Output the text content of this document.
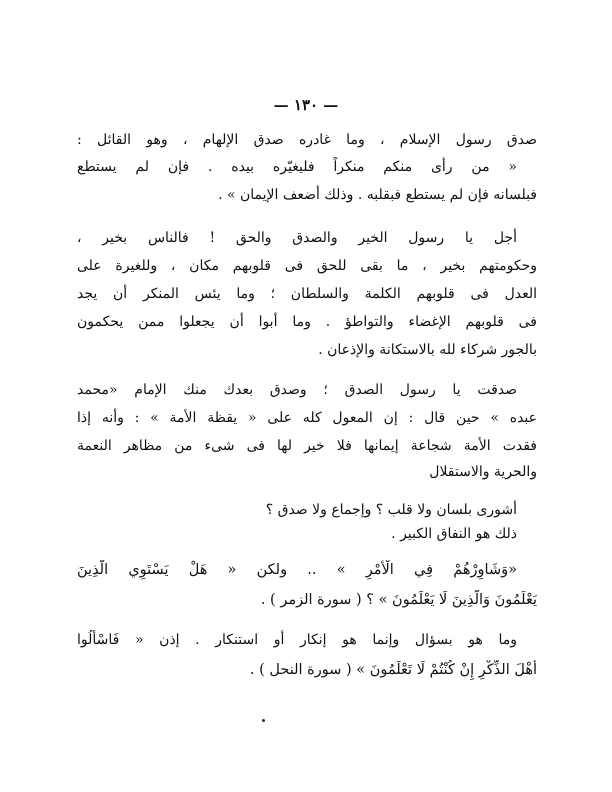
— ١٣٠ —
صدق رسول الإسلام ، وما غادره صدق الإلهام ، وهو القائل :
« من رأى منكم منكراً فليغيّره بيده . فإن لم يستطع
فبلسانه فإن لم يستطع فبقلبه . وذلك أضعف الإيمان » .
أجل يا رسول الخير والصدق والحق ! فالناس بخير ،
وحكومتهم بخير ، ما بقى للحق فى قلوبهم مكان ، وللغيرة على
العدل فى قلوبهم الكلمة والسلطان ؛ وما يئس المنكر أن يجد
فى قلوبهم الإغضاء والتواطؤ . وما أبوا أن يجعلوا ممن يحكمون
بالجور شركاء لله بالاستكانة والإذعان .
صدقت يا رسول الصدق ؛ وصدق بعدك منك الإمام «محمد
عبده » حين قال : إن المعول كله على « يقظة الأمة » : وأنه إذا
فقدت الأمة شجاعة إيمانها فلا خير لها فى شىء من مظاهر النعمة
والحرية والاستقلال
أشورى بلسان ولا قلب ؟ وإجماع ولا صدق ؟
ذلك هو النفاق الكبير .
«وَشَاوِرْهُمْ فِي الْأَمْرِ » .. ولكن « هَلْ يَسْتَوِي الَّذِينَ
يَعْلَمُونَ وَالَّذِينَ لَا يَعْلَمُونَ » ؟ ( سورة الزمر ) .
وما هو بسؤال وإنما هو إنكار أو استنكار . إذن « فَاسْأَلُوا
أَهْلَ الذِّكْرِ إِنْ كُنْتُمْ لَا تَعْلَمُونَ » ( سورة النحل ) .
